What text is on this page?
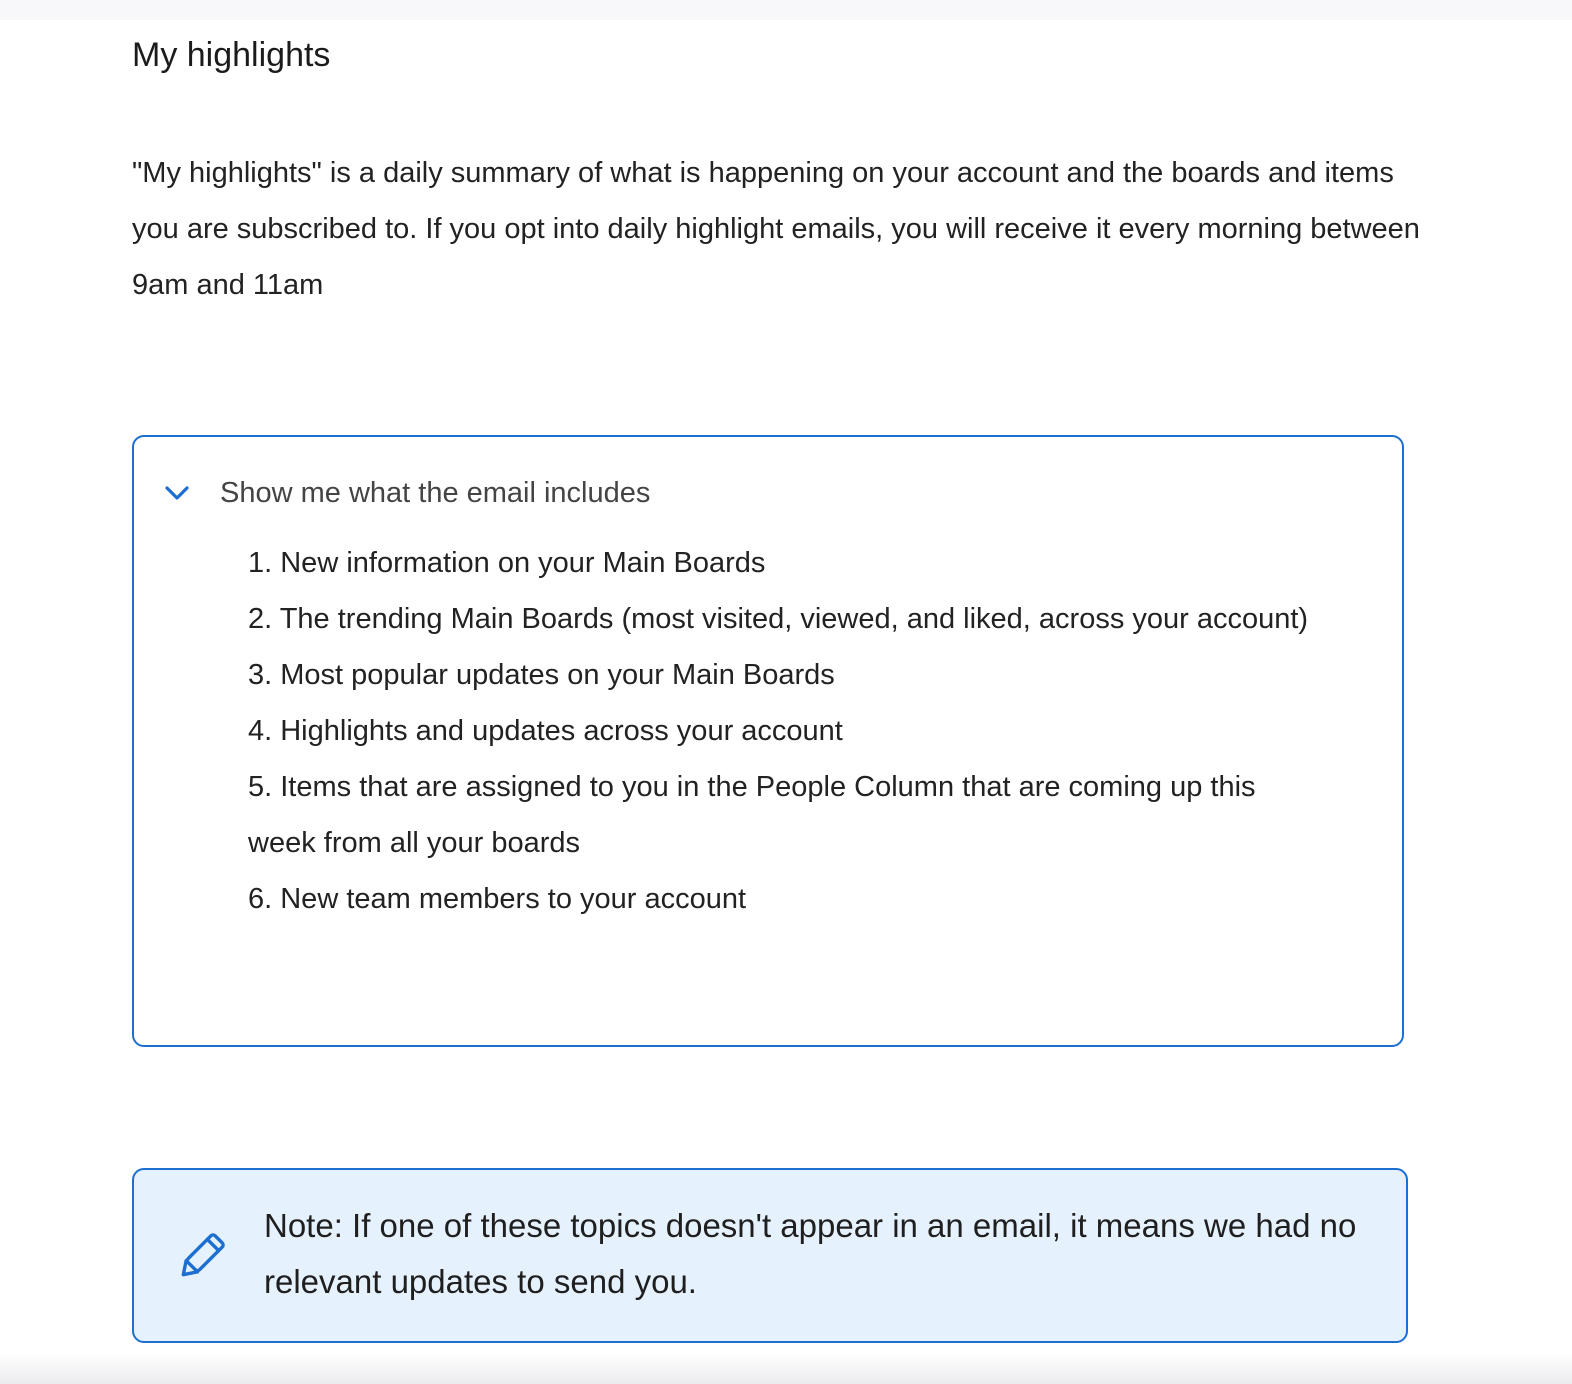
My highlights

"My highlights" is a daily summary of what is happening on your account and the boards and items you are subscribed to. If you opt into daily highlight emails, you will receive it every morning between 9am and 11am

Show me what the email includes
1. New information on your Main Boards
2. The trending Main Boards (most visited, viewed, and liked, across your account)
3. Most popular updates on your Main Boards
4. Highlights and updates across your account
5. Items that are assigned to you in the People Column that are coming up this week from all your boards
6. New team members to your account

Note: If one of these topics doesn't appear in an email, it means we had no relevant updates to send you.
